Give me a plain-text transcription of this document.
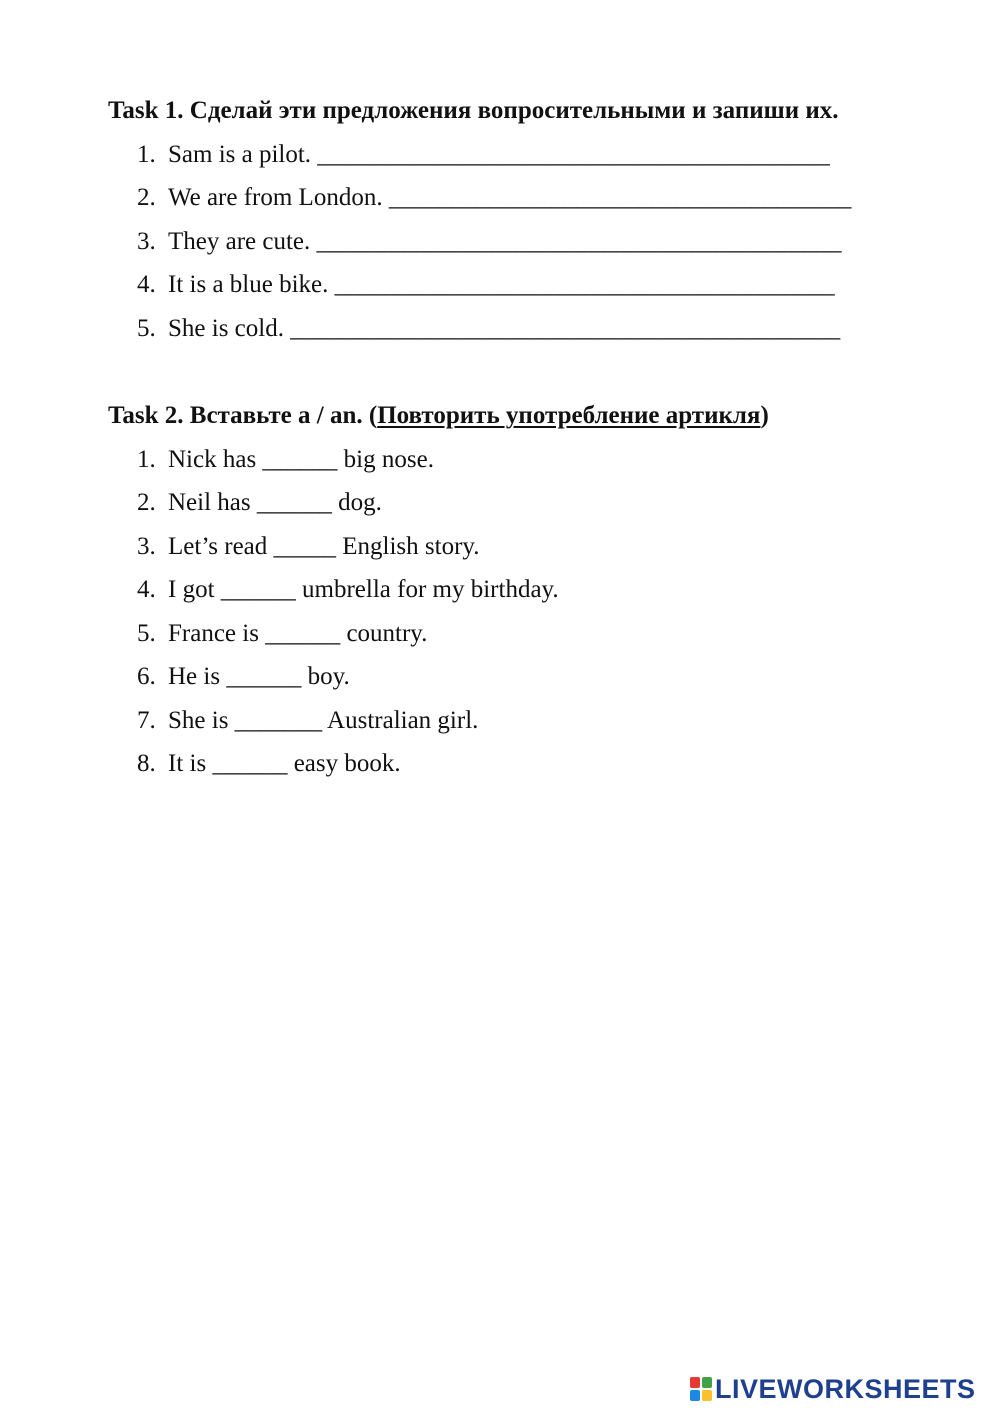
Task 1. Сделай эти предложения вопросительными и запиши их.
1. Sam is a pilot. _________________________________________
2. We are from London. _____________________________________
3. They are cute. __________________________________________
4. It is a blue bike. ________________________________________
5. She is cold. ____________________________________________
Task 2. Вставьте a / an. (Повторить употребление артикля)
1. Nick has ______ big nose.
2. Neil has ______ dog.
3. Let’s read _____ English story.
4. I got ______ umbrella for my birthday.
5. France is ______ country.
6. He is ______ boy.
7. She is _______ Australian girl.
8. It is ______ easy book.
LIVEWORKSHEETS
